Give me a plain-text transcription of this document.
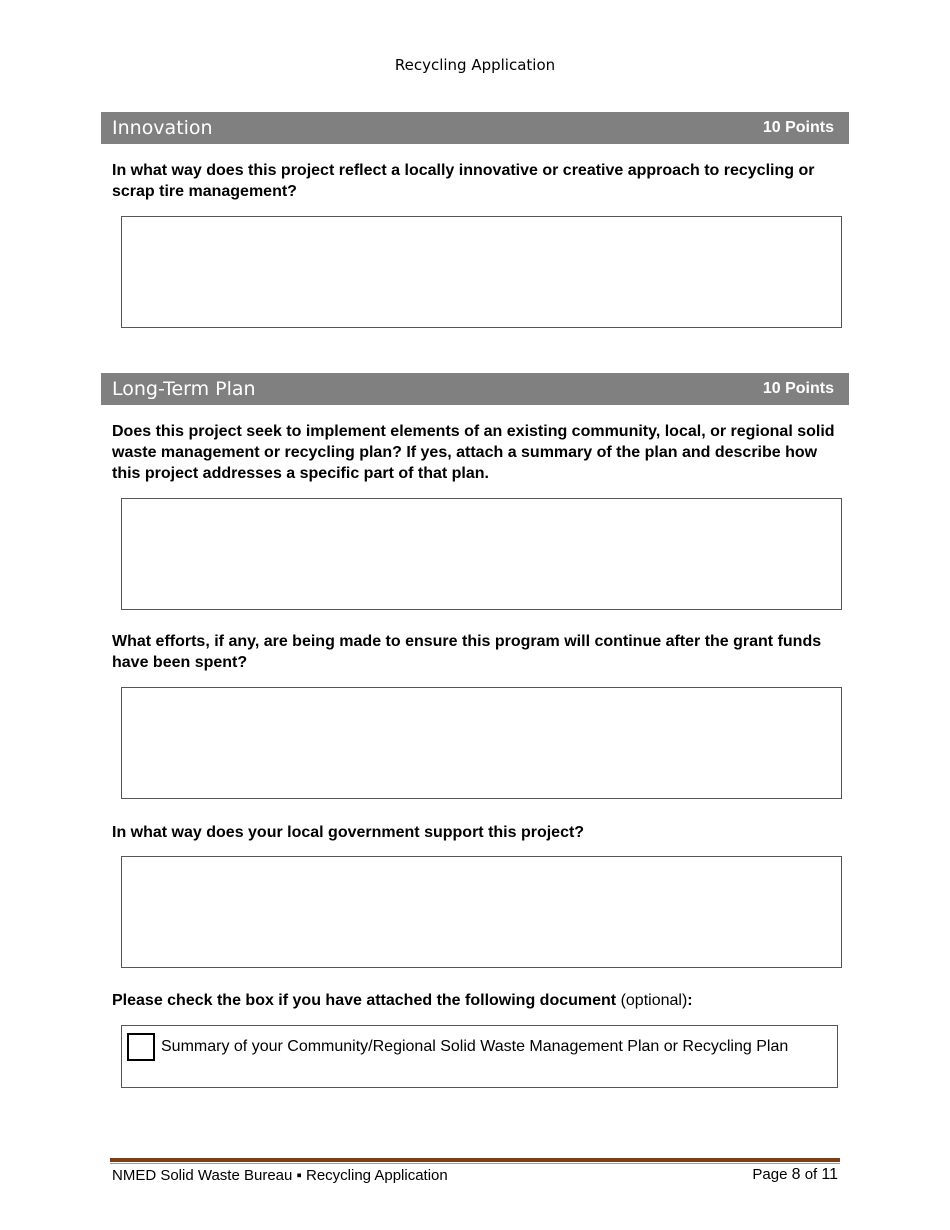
Recycling Application
Innovation	10 Points
In what way does this project reflect a locally innovative or creative approach to recycling or scrap tire management?
Long-Term Plan	10 Points
Does this project seek to implement elements of an existing community, local, or regional solid waste management or recycling plan? If yes, attach a summary of the plan and describe how this project addresses a specific part of that plan.
What efforts, if any, are being made to ensure this program will continue after the grant funds have been spent?
In what way does your local government support this project?
Please check the box if you have attached the following document (optional):
Summary of your Community/Regional Solid Waste Management Plan or Recycling Plan
NMED Solid Waste Bureau ▪ Recycling Application	Page 8 of 11
